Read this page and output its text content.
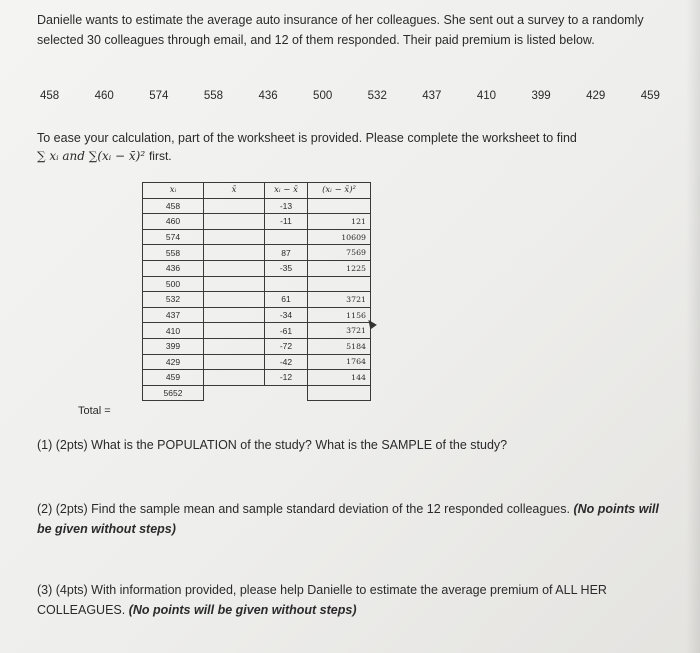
Danielle wants to estimate the average auto insurance of her colleagues. She sent out a survey to a randomly selected 30 colleagues through email, and 12 of them responded. Their paid premium is listed below.

458	460	574	558	436	500	532	437	410	399	429	459

To ease your calculation, part of the worksheet is provided. Please complete the worksheet to find

∑ xᵢ and ∑(xᵢ − x̄)² first.

xᵢ	x̄	xᵢ − x̄	(xᵢ − x̄)²
458		-13	
460		-11	121
574			10609
558		87	7569
436		-35	1225
500			
532		61	3721
437		-34	1156
410		-61	3721
399		-72	5184
429		-42	1764
459		-12	144
5652			
Total =

(1) (2pts) What is the POPULATION of the study? What is the SAMPLE of the study?

(2) (2pts) Find the sample mean and sample standard deviation of the 12 responded colleagues. (No points will be given without steps)

(3) (4pts) With information provided, please help Danielle to estimate the average premium of ALL HER COLLEAGUES. (No points will be given without steps)
